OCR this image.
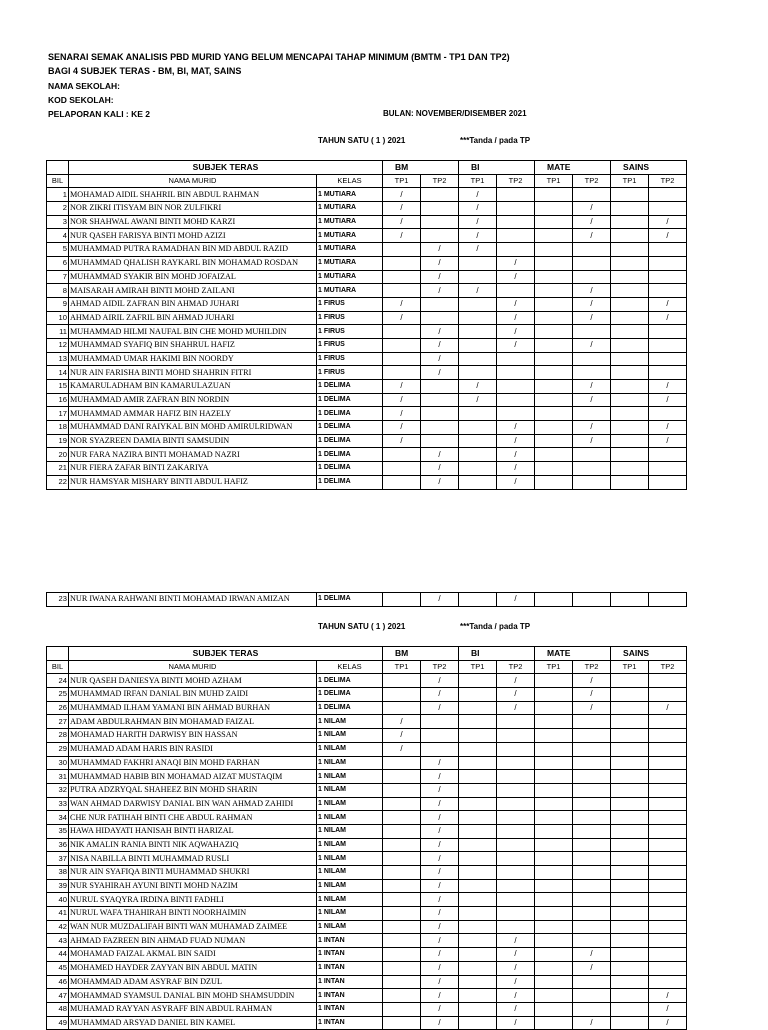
SENARAI SEMAK ANALISIS PBD MURID YANG BELUM MENCAPAI TAHAP MINIMUM (BMTM - TP1 DAN TP2)
BAGI 4 SUBJEK TERAS - BM, BI, MAT, SAINS
NAMA SEKOLAH:
KOD SEKOLAH:
PELAPORAN KALI : KE 2	BULAN: NOVEMBER/DISEMBER 2021
TAHUN SATU ( 1 ) 2021	***Tanda / pada TP
	SUBJEK TERAS		BM		BI		MATE		SAINS	
BIL	NAMA MURID	KELAS	TP1	TP2	TP1	TP2	TP1	TP2	TP1	TP2
1	MOHAMAD AIDIL SHAHRIL BIN ABDUL RAHMAN	1 MUTIARA	/		/					
2	NOR ZIKRI ITISYAM BIN NOR ZULFIKRI	1 MUTIARA	/		/			/		
3	NOR SHAHWAL AWANI BINTI MOHD KARZI	1 MUTIARA	/		/			/		/
4	NUR QASEH FARISYA BINTI MOHD AZIZI	1 MUTIARA	/		/			/		/
5	MUHAMMAD PUTRA RAMADHAN BIN MD ABDUL RAZID	1 MUTIARA		/	/					
6	MUHAMMAD QHALISH RAYKARL BIN MOHAMAD ROSDAN	1 MUTIARA		/		/				
7	MUHAMMAD SYAKIR BIN MOHD JOFAIZAL	1 MUTIARA		/		/				
8	MAISARAH AMIRAH BINTI MOHD ZAILANI	1 MUTIARA		/	/			/		
9	AHMAD AIDIL ZAFRAN BIN AHMAD JUHARI	1 FIRUS	/			/		/		/
10	AHMAD AIRIL ZAFRIL BIN AHMAD JUHARI	1 FIRUS	/			/		/		/
11	MUHAMMAD HILMI NAUFAL BIN CHE MOHD MUHILDIN	1 FIRUS		/		/				
12	MUHAMMAD SYAFIQ BIN SHAHRUL HAFIZ	1 FIRUS		/		/		/		
13	MUHAMMAD UMAR HAKIMI BIN NOORDY	1 FIRUS		/						
14	NUR AIN FARISHA BINTI MOHD SHAHRIN FITRI	1 FIRUS		/						
15	KAMARULADHAM BIN KAMARULAZUAN	1 DELIMA	/		/			/		/
16	MUHAMMAD AMIR ZAFRAN BIN NORDIN	1 DELIMA	/		/			/		/
17	MUHAMMAD AMMAR HAFIZ BIN HAZELY	1 DELIMA	/							
18	MUHAMMAD DANI RAIYKAL BIN MOHD AMIRULRIDWAN	1 DELIMA	/			/		/		/
19	NOR SYAZREEN DAMIA BINTI SAMSUDIN	1 DELIMA	/			/		/		/
20	NUR FARA NAZIRA BINTI MOHAMAD NAZRI	1 DELIMA		/		/				
21	NUR FIERA ZAFAR BINTI ZAKARIYA	1 DELIMA		/		/				
22	NUR HAMSYAR MISHARY BINTI ABDUL HAFIZ	1 DELIMA		/		/				
23	NUR IWANA RAHWANI BINTI MOHAMAD IRWAN AMIZAN	1 DELIMA		/		/				
TAHUN SATU ( 1 ) 2021	***Tanda / pada TP
	SUBJEK TERAS		BM		BI		MATE		SAINS	
BIL	NAMA MURID	KELAS	TP1	TP2	TP1	TP2	TP1	TP2	TP1	TP2
24	NUR QASEH DANIESYA BINTI MOHD AZHAM	1 DELIMA		/		/		/		
25	MUHAMMAD IRFAN DANIAL BIN MUHD ZAIDI	1 DELIMA		/		/		/		
26	MUHAMMAD ILHAM YAMANI BIN AHMAD BURHAN	1 DELIMA		/		/		/		/
27	ADAM ABDULRAHMAN BIN MOHAMAD FAIZAL	1 NILAM	/							
28	MOHAMAD HARITH DARWISY BIN HASSAN	1 NILAM	/							
29	MUHAMAD ADAM HARIS BIN RASIDI	1 NILAM	/							
30	MUHAMMAD FAKHRI ANAQI BIN MOHD FARHAN	1 NILAM		/						
31	MUHAMMAD HABIB BIN MOHAMAD AIZAT MUSTAQIM	1 NILAM		/						
32	PUTRA ADZRYQAL SHAHEEZ BIN MOHD SHARIN	1 NILAM		/						
33	WAN AHMAD DARWISY DANIAL BIN WAN AHMAD ZAHIDI	1 NILAM		/						
34	CHE NUR FATIHAH BINTI CHE ABDUL RAHMAN	1 NILAM		/						
35	HAWA HIDAYATI HANISAH BINTI HARIZAL	1 NILAM		/						
36	NIK AMALIN RANIA BINTI NIK AQWAHAZIQ	1 NILAM		/						
37	NISA NABILLA BINTI MUHAMMAD RUSLI	1 NILAM		/						
38	NUR AIN SYAFIQA BINTI MUHAMMAD SHUKRI	1 NILAM		/						
39	NUR SYAHIRAH AYUNI BINTI MOHD NAZIM	1 NILAM		/						
40	NURUL SYAQYRA IRDINA BINTI FADHLI	1 NILAM		/						
41	NURUL WAFA THAHIRAH BINTI NOORHAIMIN	1 NILAM		/						
42	WAN NUR MUZDALIFAH BINTI WAN MUHAMAD ZAIMEE	1 NILAM		/						
43	AHMAD FAZREEN BIN AHMAD FUAD NUMAN	1 INTAN		/		/				
44	MOHAMAD FAIZAL AKMAL BIN SAIDI	1 INTAN		/		/		/		
45	MOHAMED HAYDER ZAYYAN BIN ABDUL MATIN	1 INTAN		/		/		/		
46	MOHAMMAD ADAM ASYRAF BIN DZUL	1 INTAN		/		/				
47	MOHAMMAD SYAMSUL DANIAL BIN MOHD SHAMSUDDIN	1 INTAN		/		/				/
48	MUHAMAD RAYYAN ASYRAFF BIN ABDUL RAHMAN	1 INTAN		/		/				/
49	MUHAMMAD ARSYAD DANIEL BIN KAMEL	1 INTAN		/		/		/		/
